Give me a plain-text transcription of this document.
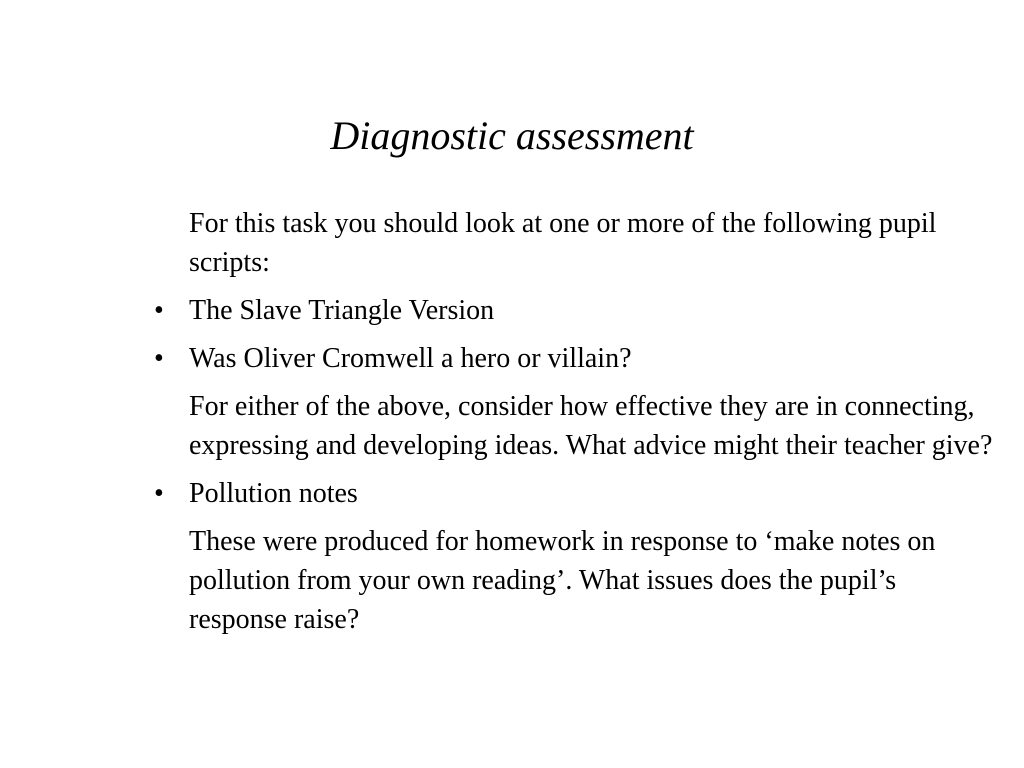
Diagnostic assessment
For this task you should look at one or more of the following pupil scripts:
• The Slave Triangle Version
• Was Oliver Cromwell a hero or villain?
For either of the above, consider how effective they are in connecting, expressing and developing ideas. What advice might their teacher give?
• Pollution notes
These were produced for homework in response to ‘make notes on pollution from your own reading’. What issues does the pupil’s response raise?
